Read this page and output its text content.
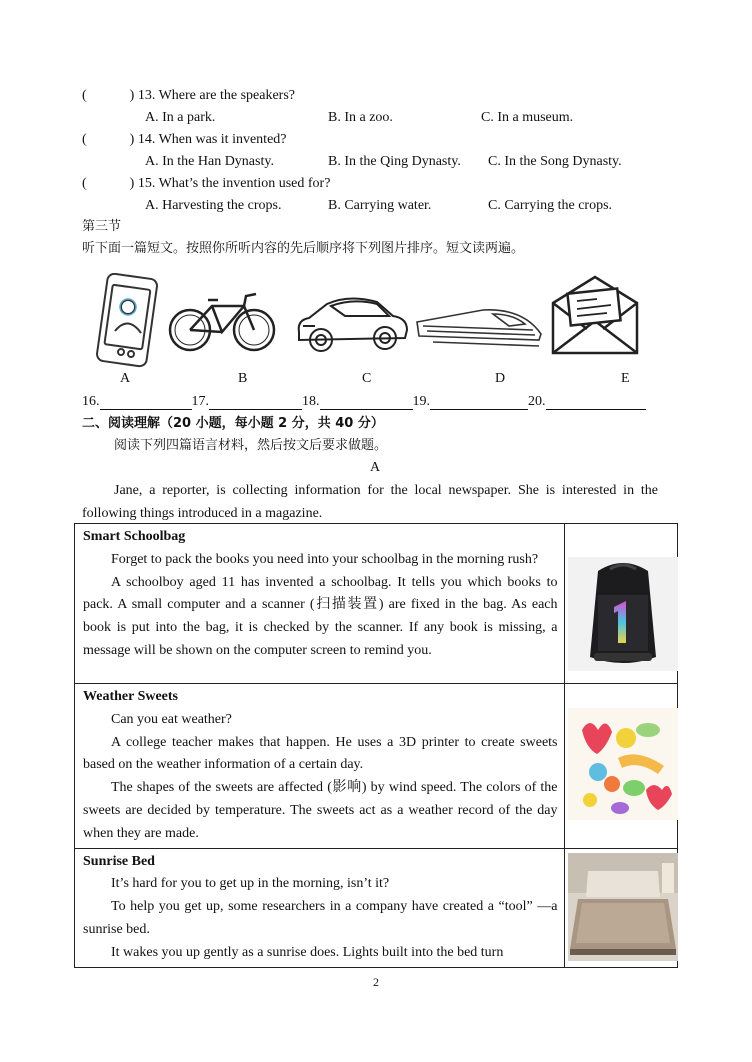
(	) 13. Where are the speakers?
A. In a park.	B. In a zoo.	C. In a museum.
(	) 14. When was it invented?
A. In the Han Dynasty.	B. In the Qing Dynasty. C. In the Song Dynasty.
(	) 15. What’s the invention used for?
A. Harvesting the crops.	B. Carrying water.	C. Carrying the crops.
第三节
听下面一篇短文。按照你所听内容的先后顺序将下列图片排序。短文读两遍。
A	B	C	D	E
16.	17.	18.	19.	20.
二、阅读理解（20 小题，每小题 2 分，共 40 分）
阅读下列四篇语言材料，然后按文后要求做题。
A
Jane, a reporter, is collecting information for the local newspaper. She is interested in the following things introduced in a magazine.
Smart Schoolbag
Forget to pack the books you need into your schoolbag in the morning rush?
A schoolboy aged 11 has invented a schoolbag. It tells you which books to pack. A small computer and a scanner (扫描装置) are fixed in the bag. As each book is put into the bag, it is checked by the scanner. If any book is missing, a message will be shown on the computer screen to remind you.

Weather Sweets
Can you eat weather?
A college teacher makes that happen. He uses a 3D printer to create sweets based on the weather information of a certain day.
The shapes of the sweets are affected (影响) by wind speed. The colors of the sweets are decided by temperature. The sweets act as a weather record of the day when they are made.

Sunrise Bed
It’s hard for you to get up in the morning, isn’t it?
To help you get up, some researchers in a company have created a “tool” —a sunrise bed.
It wakes you up gently as a sunrise does. Lights built into the bed turn

2
